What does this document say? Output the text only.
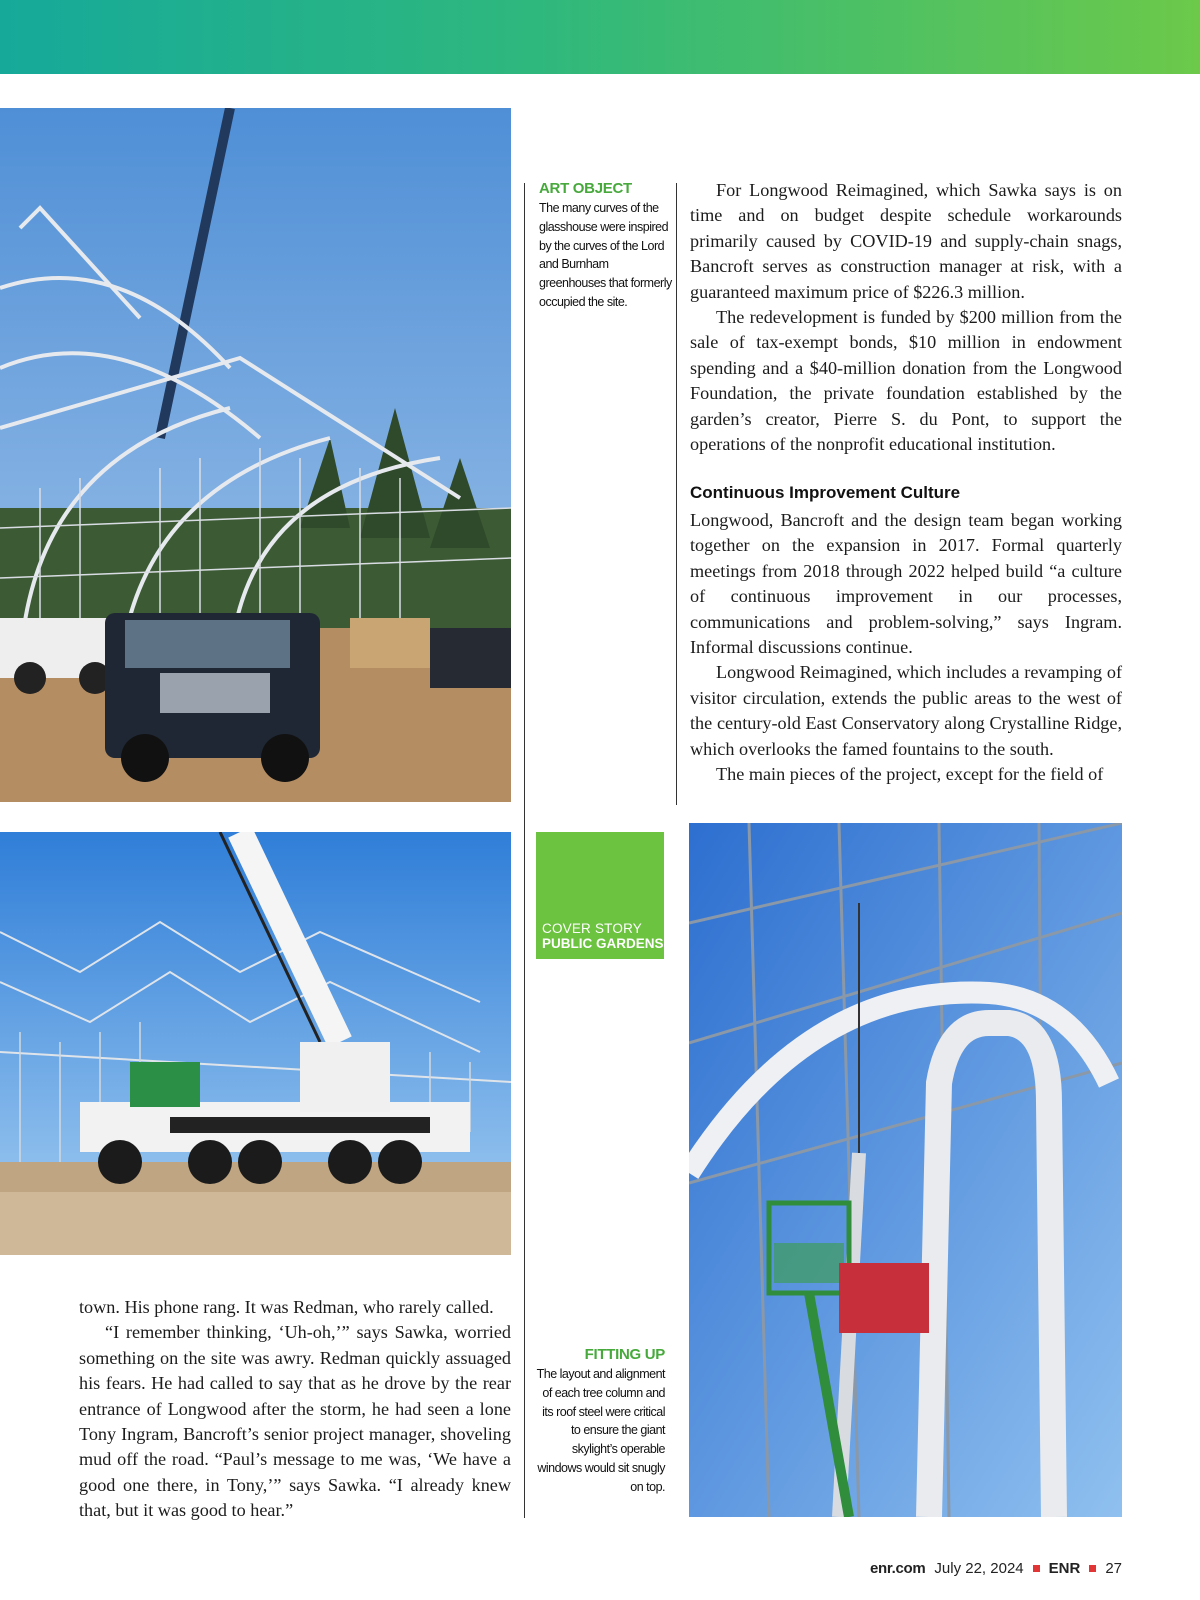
ART OBJECT
The many curves of the glasshouse were inspired by the curves of the Lord and Burnham greenhouses that formerly occupied the site.
COVER STORY
PUBLIC GARDENS
FITTING UP
The layout and alignment of each tree column and its roof steel were critical to ensure the giant skylight’s operable windows would sit snugly on top.

For Longwood Reimagined, which Sawka says is on time and on budget despite schedule workarounds primarily caused by COVID-19 and supply-chain snags, Bancroft serves as construction manager at risk, with a guaranteed maximum price of $226.3 million.

The redevelopment is funded by $200 million from the sale of tax-exempt bonds, $10 million in endowment spending and a $40-million donation from the Longwood Foundation, the private foundation established by the garden’s creator, Pierre S. du Pont, to support the operations of the nonprofit educational institution.

Continuous Improvement Culture

Longwood, Bancroft and the design team began working together on the expansion in 2017. Formal quarterly meetings from 2018 through 2022 helped build “a culture of continuous improvement in our processes, communications and problem-solving,” says Ingram. Informal discussions continue.

Longwood Reimagined, which includes a revamping of visitor circulation, extends the public areas to the west of the century-old East Conservatory along Crystalline Ridge, which overlooks the famed fountains to the south.

The main pieces of the project, except for the field of

town. His phone rang. It was Redman, who rarely called.

“I remember thinking, ‘Uh-oh,’” says Sawka, worried something on the site was awry. Redman quickly assuaged his fears. He had called to say that as he drove by the rear entrance of Longwood after the storm, he had seen a lone Tony Ingram, Bancroft’s senior project manager, shoveling mud off the road. “Paul’s message to me was, ‘We have a good one there, in Tony,’” says Sawka. “I already knew that, but it was good to hear.”

enr.com July 22, 2024 ENR 27
